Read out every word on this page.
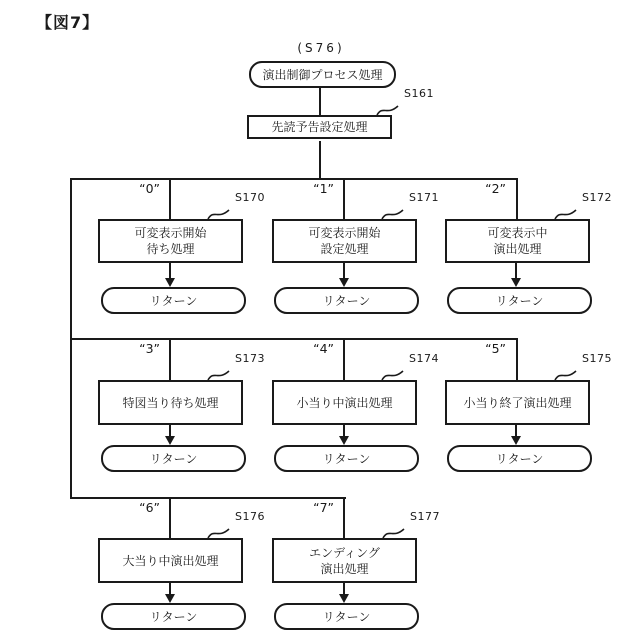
【図7】
(S76)
演出制御プロセス処理
S161
先読予告設定処理
“0”	“1”	“2”
“3”	“4”	“5”
“6”	“7”
S170	S171	S172
S173	S174	S175
S176	S177
可変表示開始
待ち処理
可変表示開始
設定処理
可変表示中
演出処理
特図当り待ち処理	小当り中演出処理	小当り終了演出処理
大当り中演出処理
エンディング
演出処理
リターン	リターン	リターン
リターン	リターン	リターン
リターン	リターン
